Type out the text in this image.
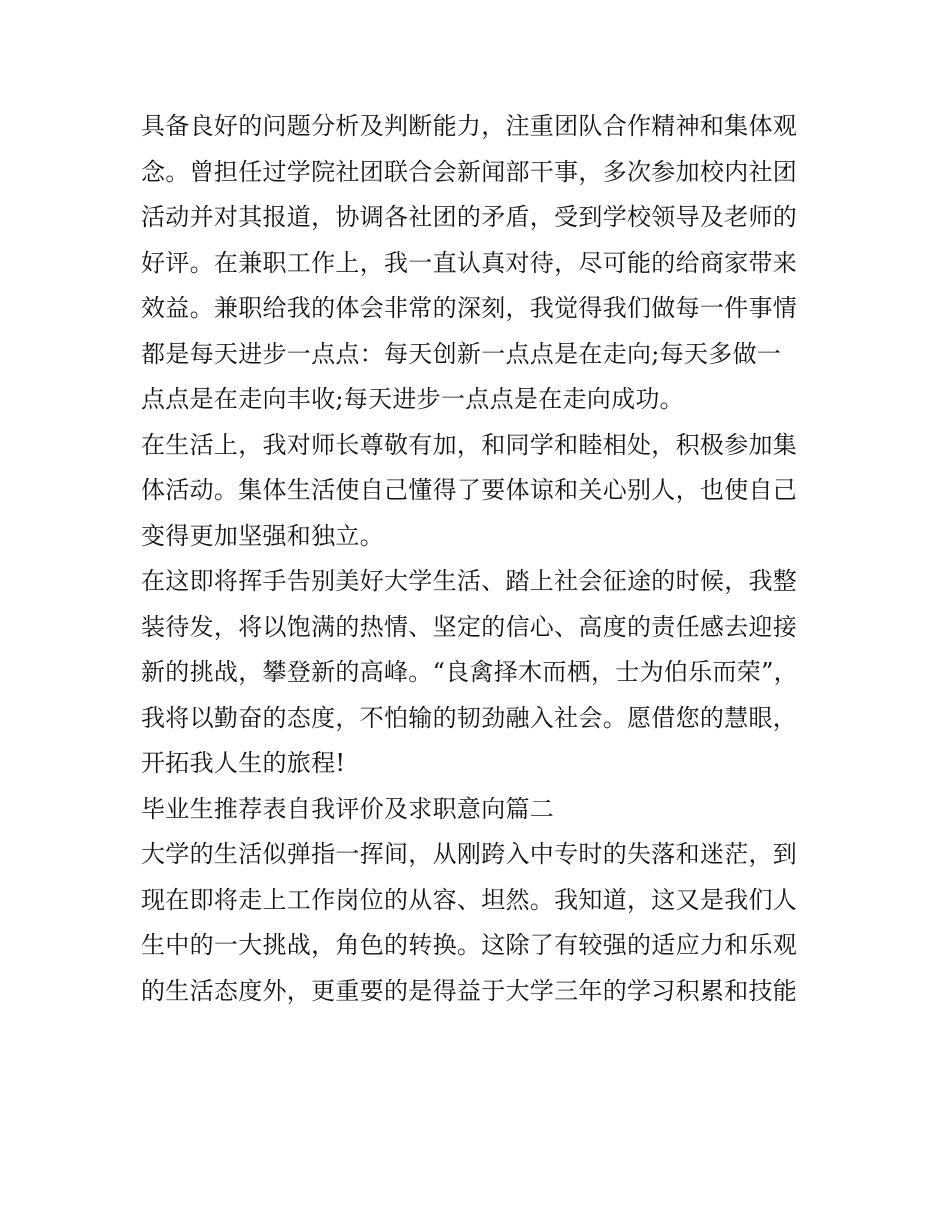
具备良好的问题分析及判断能力，注重团队合作精神和集体观
念。曾担任过学院社团联合会新闻部干事，多次参加校内社团
活动并对其报道，协调各社团的矛盾，受到学校领导及老师的
好评。在兼职工作上，我一直认真对待，尽可能的给商家带来
效益。兼职给我的体会非常的深刻，我觉得我们做每一件事情
都是每天进步一点点：每天创新一点点是在走向;每天多做一
点点是在走向丰收;每天进步一点点是在走向成功。
在生活上，我对师长尊敬有加，和同学和睦相处，积极参加集
体活动。集体生活使自己懂得了要体谅和关心别人，也使自己
变得更加坚强和独立。
在这即将挥手告别美好大学生活、踏上社会征途的时候，我整
装待发，将以饱满的热情、坚定的信心、高度的责任感去迎接
新的挑战，攀登新的高峰。“良禽择木而栖，士为伯乐而荣”，
我将以勤奋的态度，不怕输的韧劲融入社会。愿借您的慧眼，
开拓我人生的旅程!
毕业生推荐表自我评价及求职意向篇二
大学的生活似弹指一挥间，从刚跨入中专时的失落和迷茫，到
现在即将走上工作岗位的从容、坦然。我知道，这又是我们人
生中的一大挑战，角色的转换。这除了有较强的适应力和乐观
的生活态度外，更重要的是得益于大学三年的学习积累和技能
